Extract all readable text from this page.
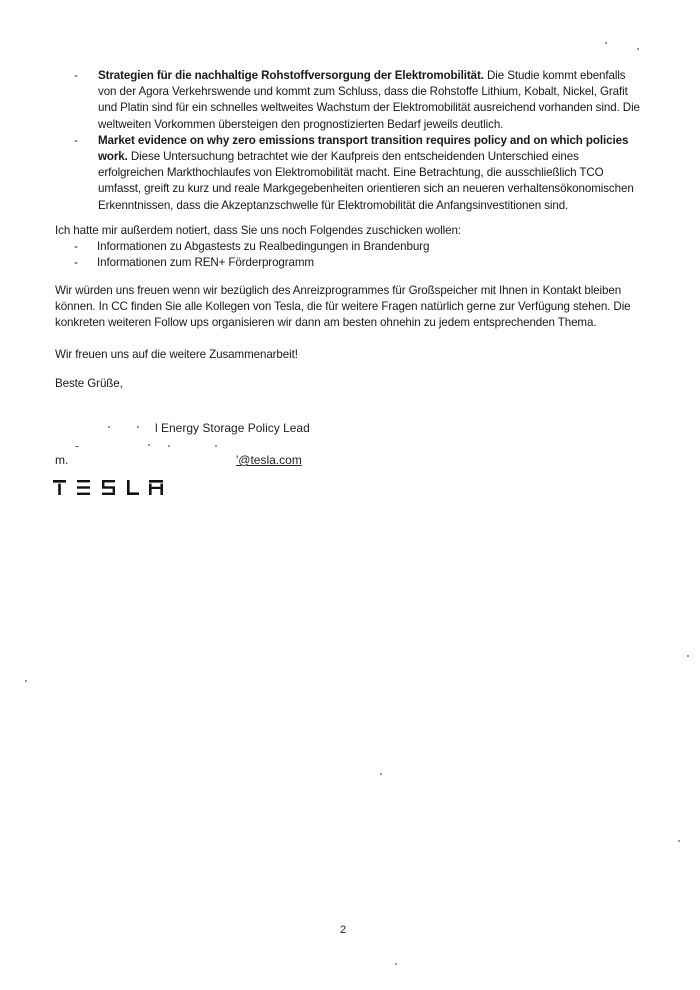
- Strategien für die nachhaltige Rohstoffversorgung der Elektromobilität. Die Studie kommt ebenfalls von der Agora Verkehrswende und kommt zum Schluss, dass die Rohstoffe Lithium, Kobalt, Nickel, Grafit und Platin sind für ein schnelles weltweites Wachstum der Elektromobilität ausreichend vorhanden sind. Die weltweiten Vorkommen übersteigen den prognostizierten Bedarf jeweils deutlich.

- Market evidence on why zero emissions transport transition requires policy and on which policies work. Diese Untersuchung betrachtet wie der Kaufpreis den entscheidenden Unterschied eines erfolgreichen Markthochlaufes von Elektromobilität macht. Eine Betrachtung, die ausschließlich TCO umfasst, greift zu kurz und reale Markgegebenheiten orientieren sich an neueren verhaltensökonomischen Erkenntnissen, dass die Akzeptanzschwelle für Elektromobilität die Anfangsinvestitionen sind.

Ich hatte mir außerdem notiert, dass Sie uns noch Folgendes zuschicken wollen:

- Informationen zu Abgastests zu Realbedingungen in Brandenburg

- Informationen zum REN+ Förderprogramm

Wir würden uns freuen wenn wir bezüglich des Anreizprogrammes für Großspeicher mit Ihnen in Kontakt bleiben können. In CC finden Sie alle Kollegen von Tesla, die für weitere Fragen natürlich gerne zur Verfügung stehen. Die konkreten weiteren Follow ups organisieren wir dann am besten ohnehin zu jedem entsprechenden Thema.

Wir freuen uns auf die weitere Zusammenarbeit!

Beste Grüße,

l Energy Storage Policy Lead
m.	'@tesla.com
2
